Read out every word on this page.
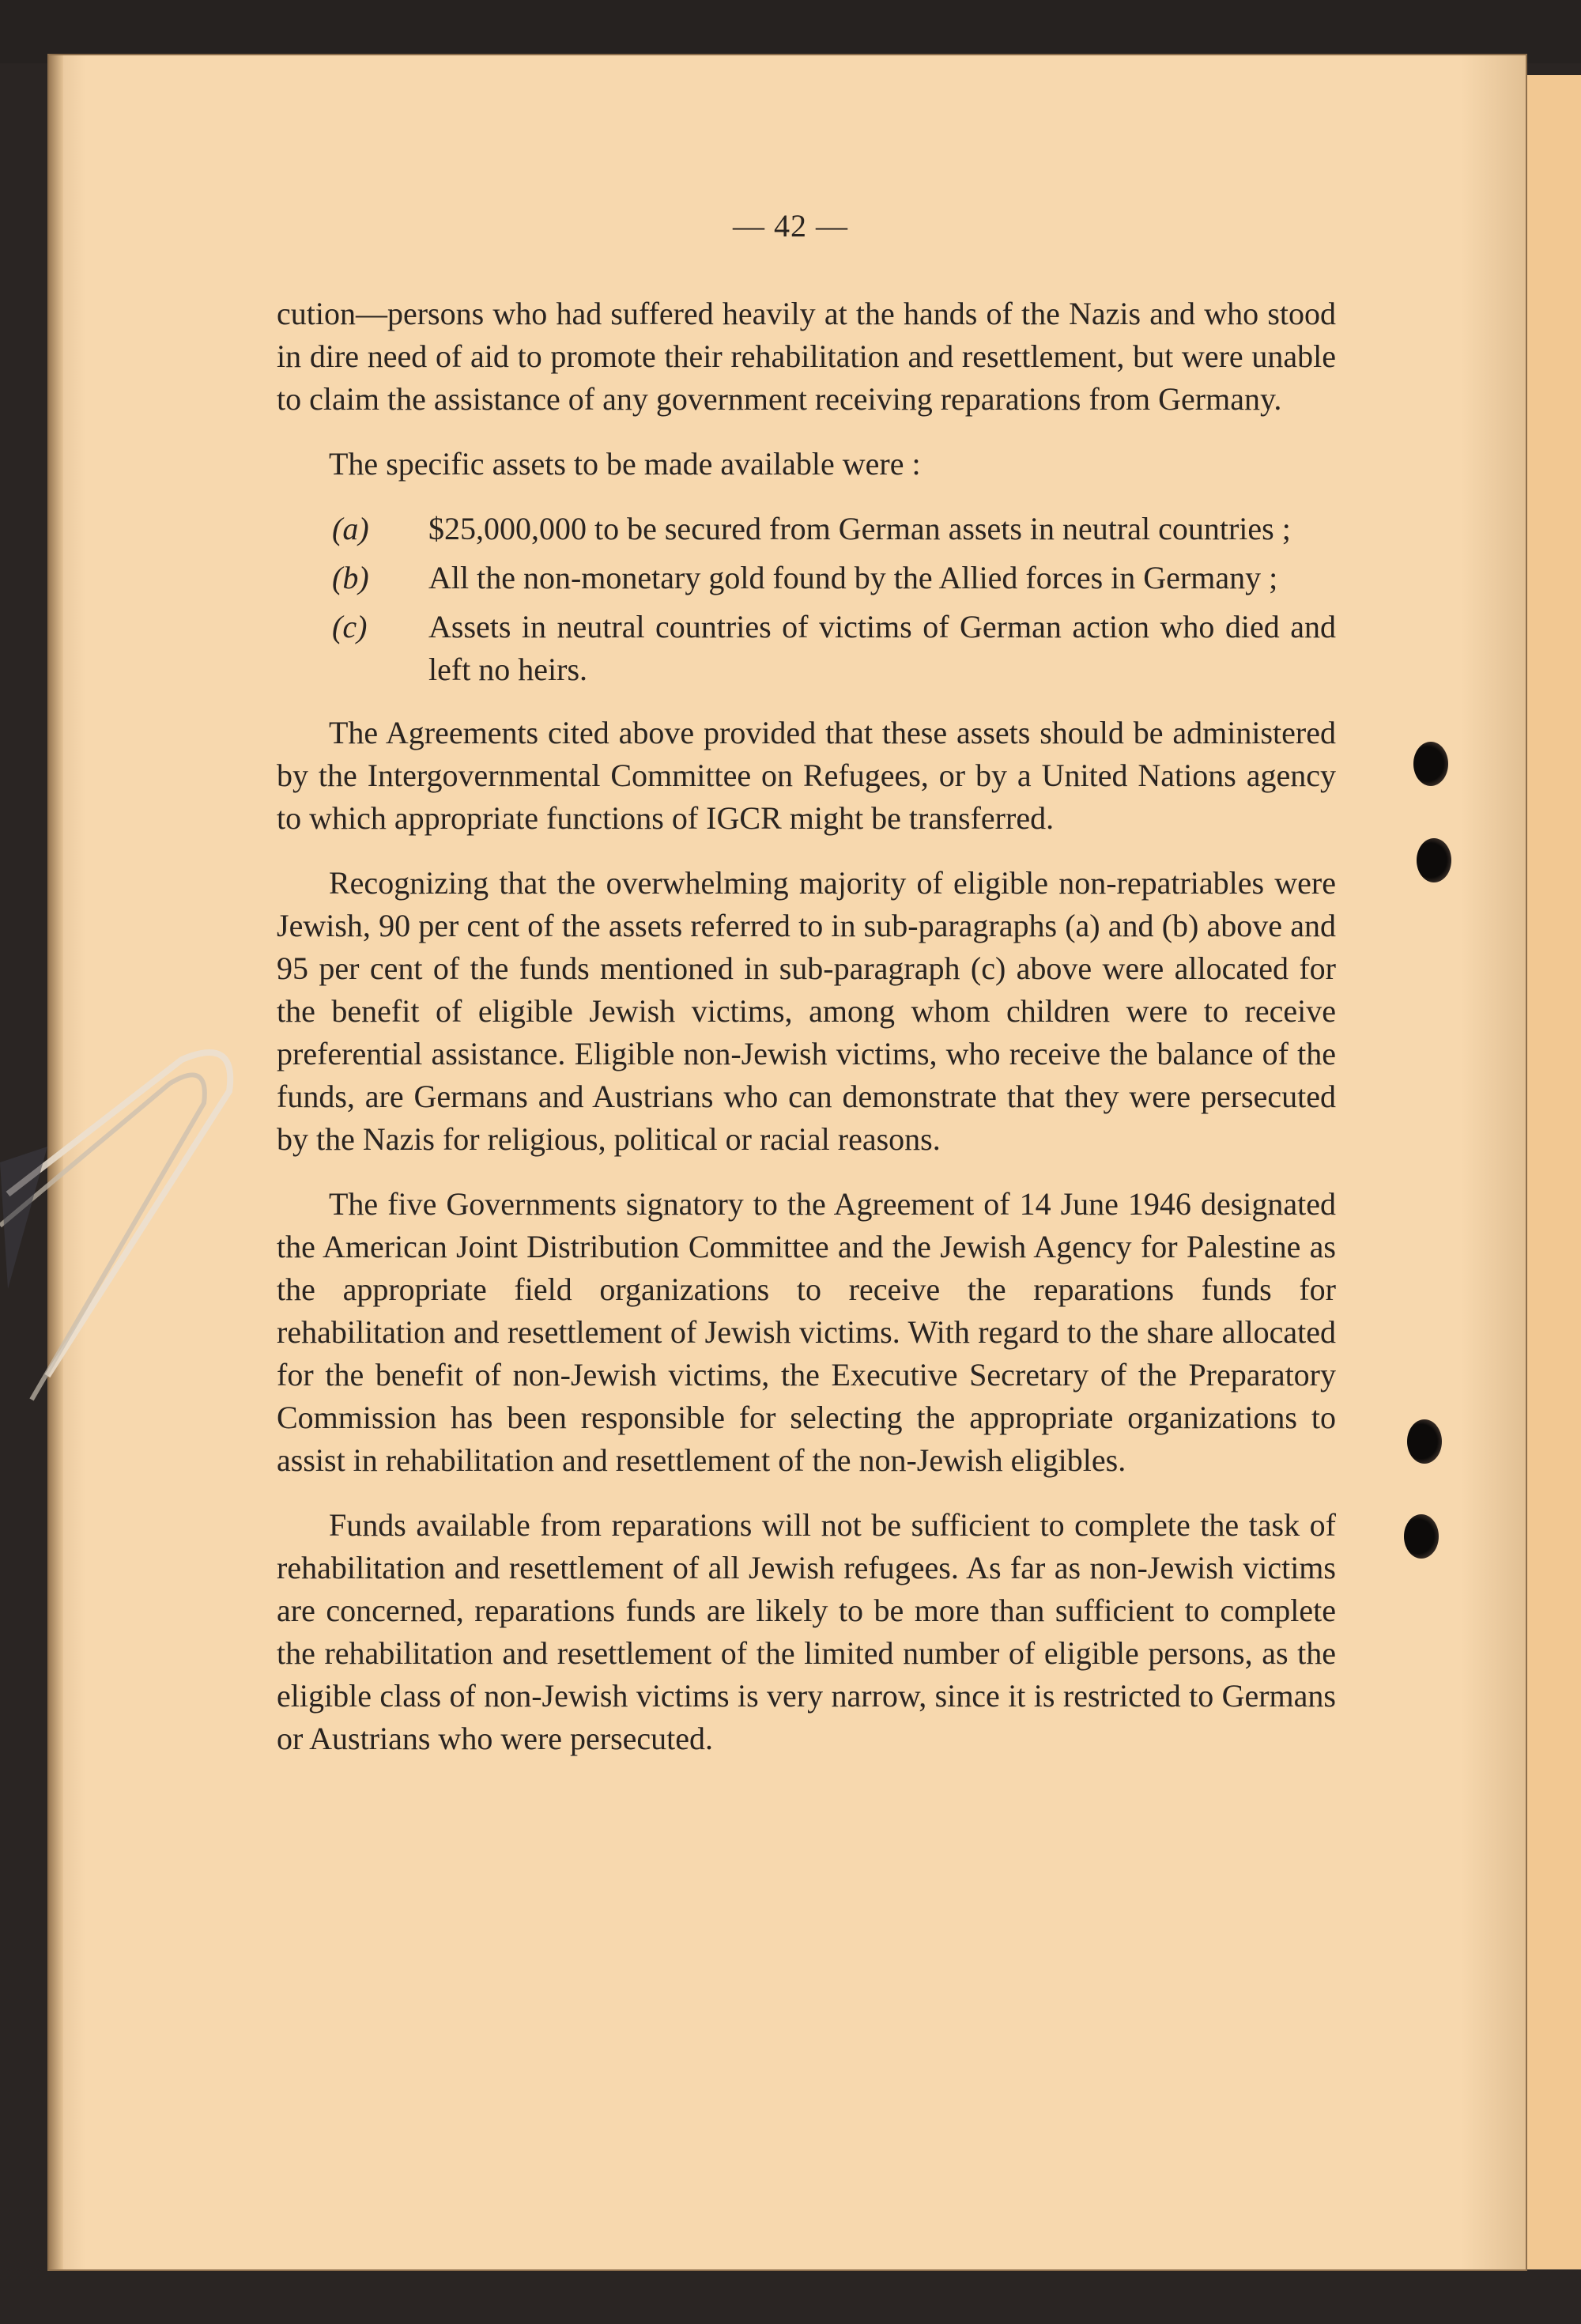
— 42 —

cution—persons who had suffered heavily at the hands of the Nazis and who stood in dire need of aid to promote their rehabilitation and resettlement, but were unable to claim the assistance of any government receiving reparations from Germany.

The specific assets to be made available were :

(a)	$25,000,000 to be secured from German assets in neutral countries ;
(b)	All the non-monetary gold found by the Allied forces in Germany ;
(c)	Assets in neutral countries of victims of German action who died and left no heirs.

The Agreements cited above provided that these assets should be administered by the Intergovernmental Committee on Refugees, or by a United Nations agency to which appropriate functions of IGCR might be transferred.

Recognizing that the overwhelming majority of eligible non-repatriables were Jewish, 90 per cent of the assets referred to in sub-paragraphs (a) and (b) above and 95 per cent of the funds mentioned in sub-paragraph (c) above were allocated for the benefit of eligible Jewish victims, among whom children were to receive preferential assistance. Eligible non-Jewish victims, who receive the balance of the funds, are Germans and Austrians who can demonstrate that they were persecuted by the Nazis for religious, political or racial reasons.

The five Governments signatory to the Agreement of 14 June 1946 designated the American Joint Distribution Committee and the Jewish Agency for Palestine as the appropriate field organizations to receive the reparations funds for rehabilitation and resettlement of Jewish victims. With regard to the share allocated for the benefit of non-Jewish victims, the Executive Secretary of the Preparatory Commission has been responsible for selecting the appropriate organizations to assist in rehabilitation and resettlement of the non-Jewish eligibles.

Funds available from reparations will not be sufficient to complete the task of rehabilitation and resettlement of all Jewish refugees. As far as non-Jewish victims are concerned, reparations funds are likely to be more than sufficient to complete the rehabilitation and resettlement of the limited number of eligible persons, as the eligible class of non-Jewish victims is very narrow, since it is restricted to Germans or Austrians who were persecuted.
